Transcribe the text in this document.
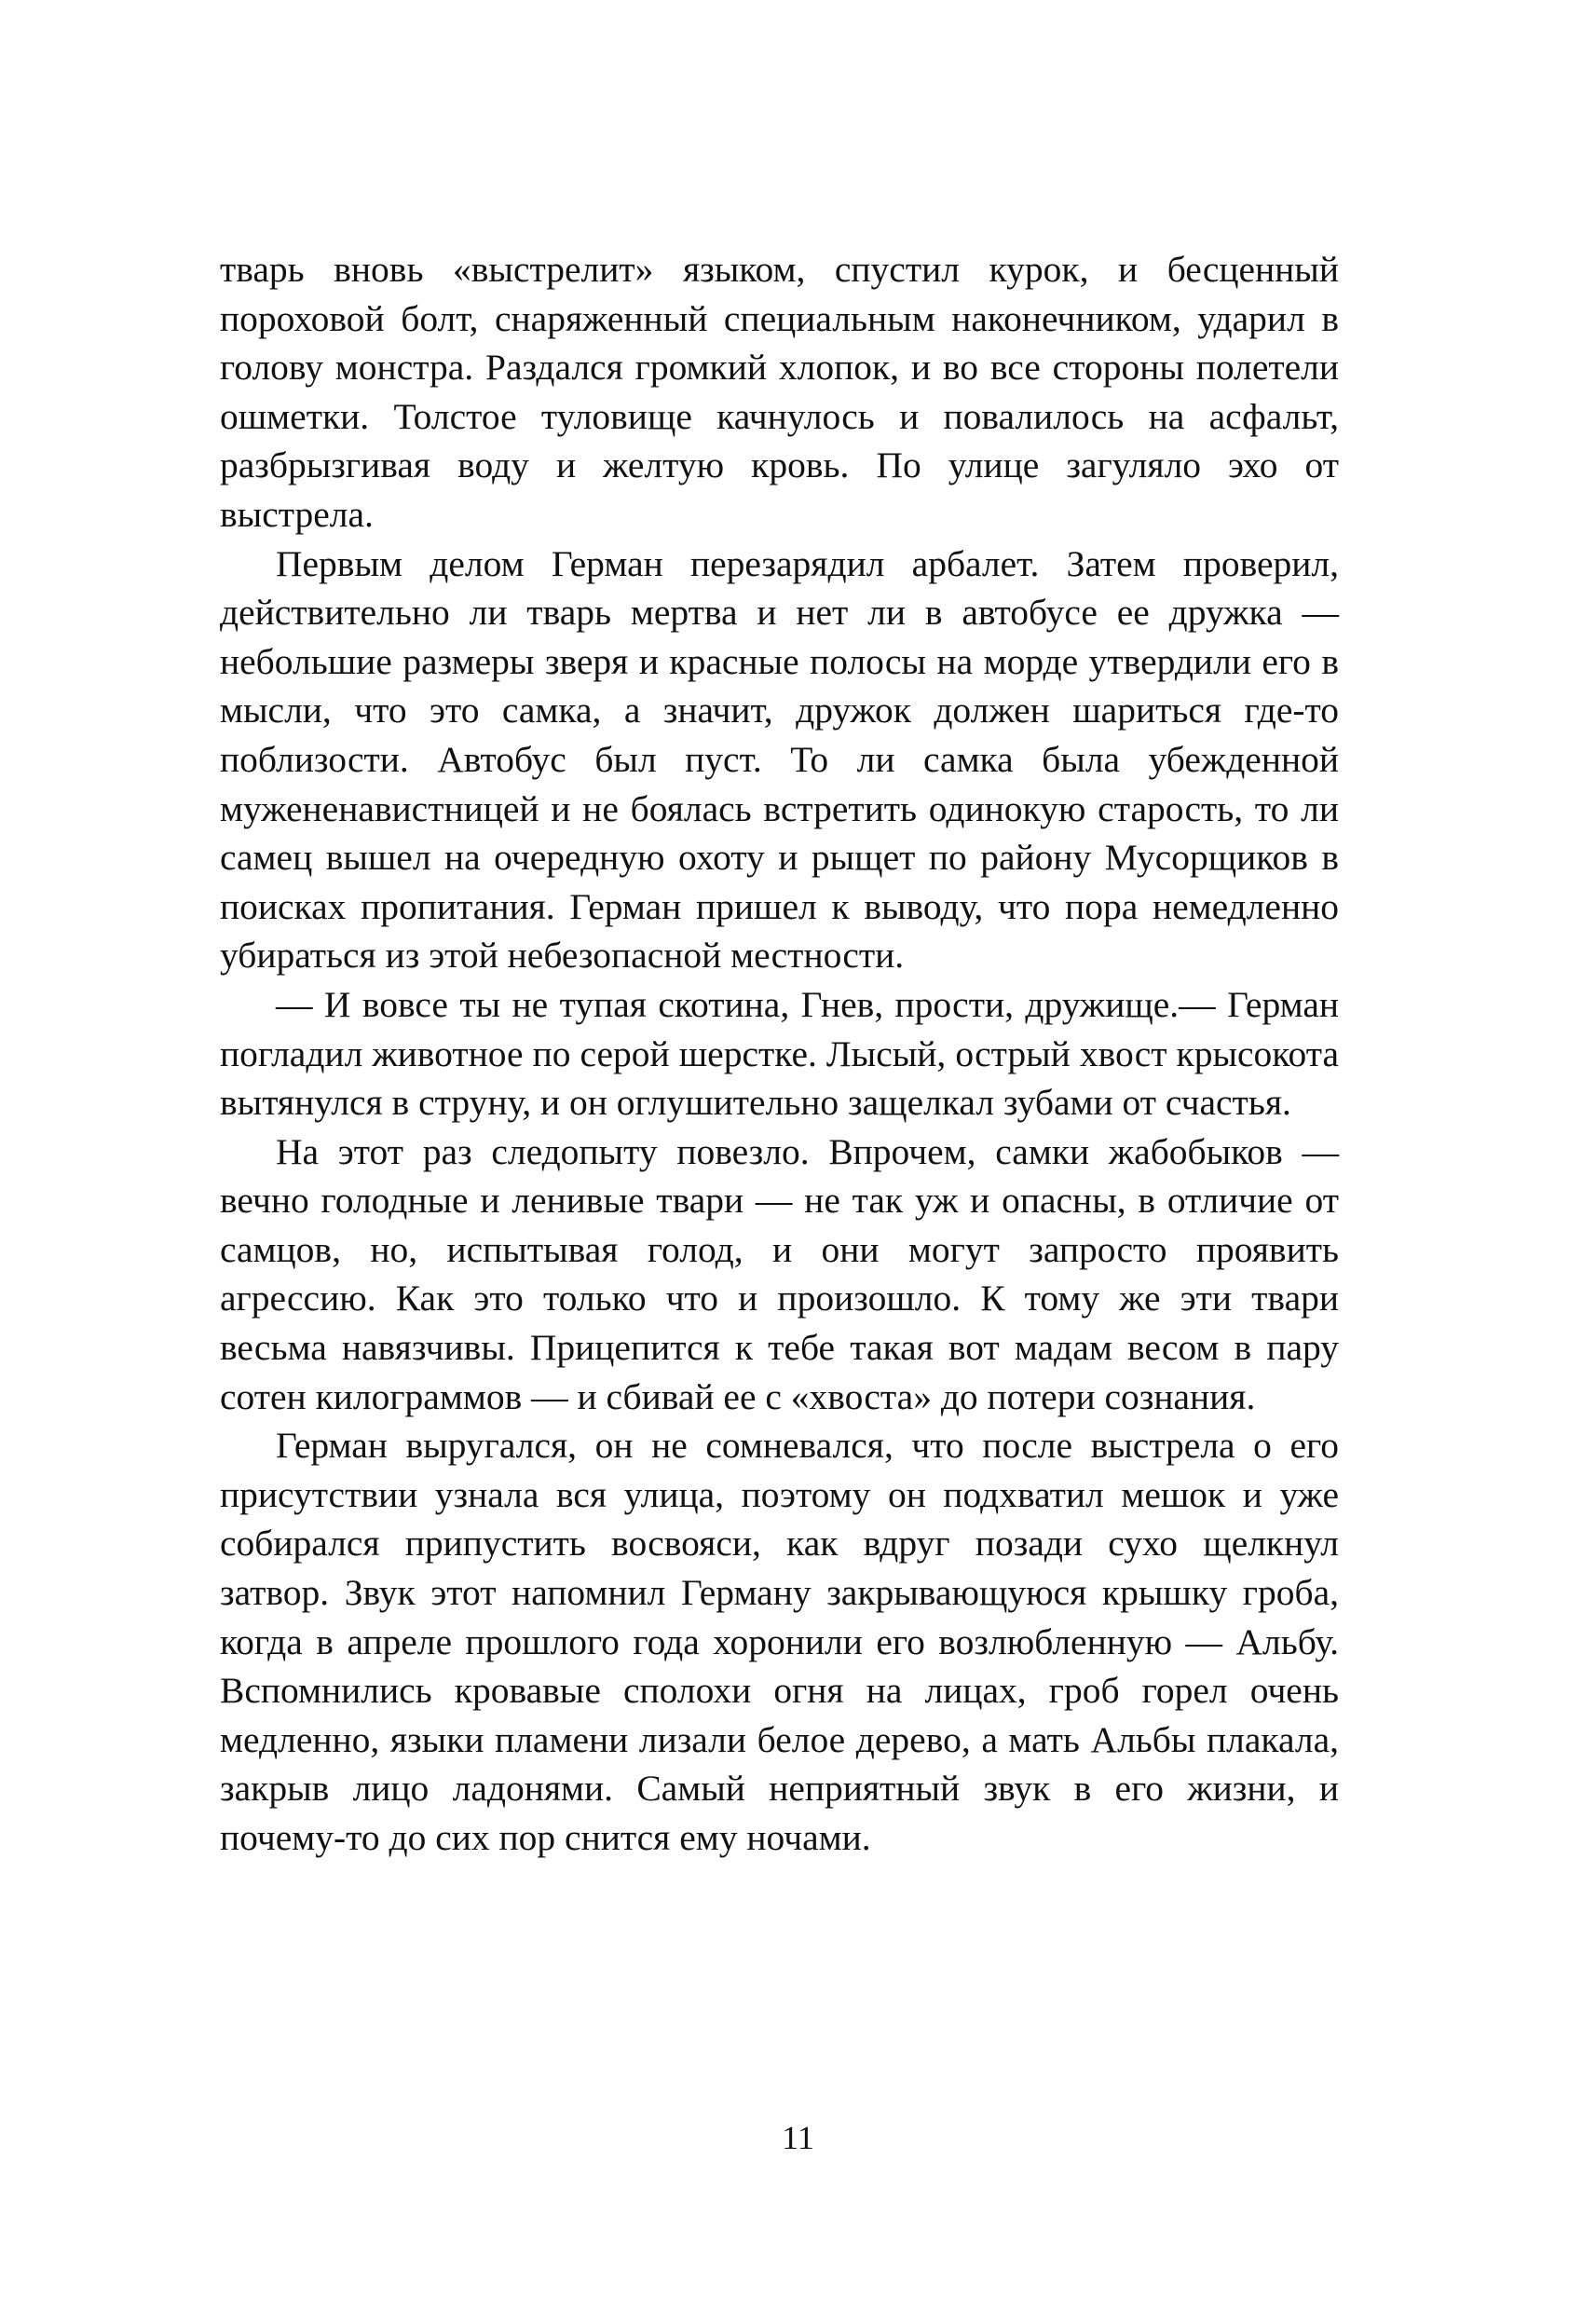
тварь вновь «выстрелит» языком, спустил курок, и бесценный пороховой болт, снаряженный специальным наконечником, ударил в голову монстра. Раздался громкий хлопок, и во все стороны полетели ошметки. Толстое туловище качнулось и повалилось на асфальт, разбрызгивая воду и желтую кровь. По улице загуляло эхо от выстрела.

Первым делом Герман перезарядил арбалет. Затем проверил, действительно ли тварь мертва и нет ли в автобусе ее дружка — небольшие размеры зверя и красные полосы на морде утвердили его в мысли, что это самка, а значит, дружок должен шариться где-то поблизости. Автобус был пуст. То ли самка была убежденной мужененавистницей и не боялась встретить одинокую старость, то ли самец вышел на очередную охоту и рыщет по району Мусорщиков в поисках пропитания. Герман пришел к выводу, что пора немедленно убираться из этой небезопасной местности.

— И вовсе ты не тупая скотина, Гнев, прости, дружище.— Герман погладил животное по серой шерстке. Лысый, острый хвост крысокота вытянулся в струну, и он оглушительно защелкал зубами от счастья.

На этот раз следопыту повезло. Впрочем, самки жабобыков — вечно голодные и ленивые твари — не так уж и опасны, в отличие от самцов, но, испытывая голод, и они могут запросто проявить агрессию. Как это только что и произошло. К тому же эти твари весьма навязчивы. Прицепится к тебе такая вот мадам весом в пару сотен килограммов — и сбивай ее с «хвоста» до потери сознания.

Герман выругался, он не сомневался, что после выстрела о его присутствии узнала вся улица, поэтому он подхватил мешок и уже собирался припустить восвояси, как вдруг позади сухо щелкнул затвор. Звук этот напомнил Герману закрывающуюся крышку гроба, когда в апреле прошлого года хоронили его возлюбленную — Альбу. Вспомнились кровавые сполохи огня на лицах, гроб горел очень медленно, языки пламени лизали белое дерево, а мать Альбы плакала, закрыв лицо ладонями. Самый неприятный звук в его жизни, и почему-то до сих пор снится ему ночами.

11
